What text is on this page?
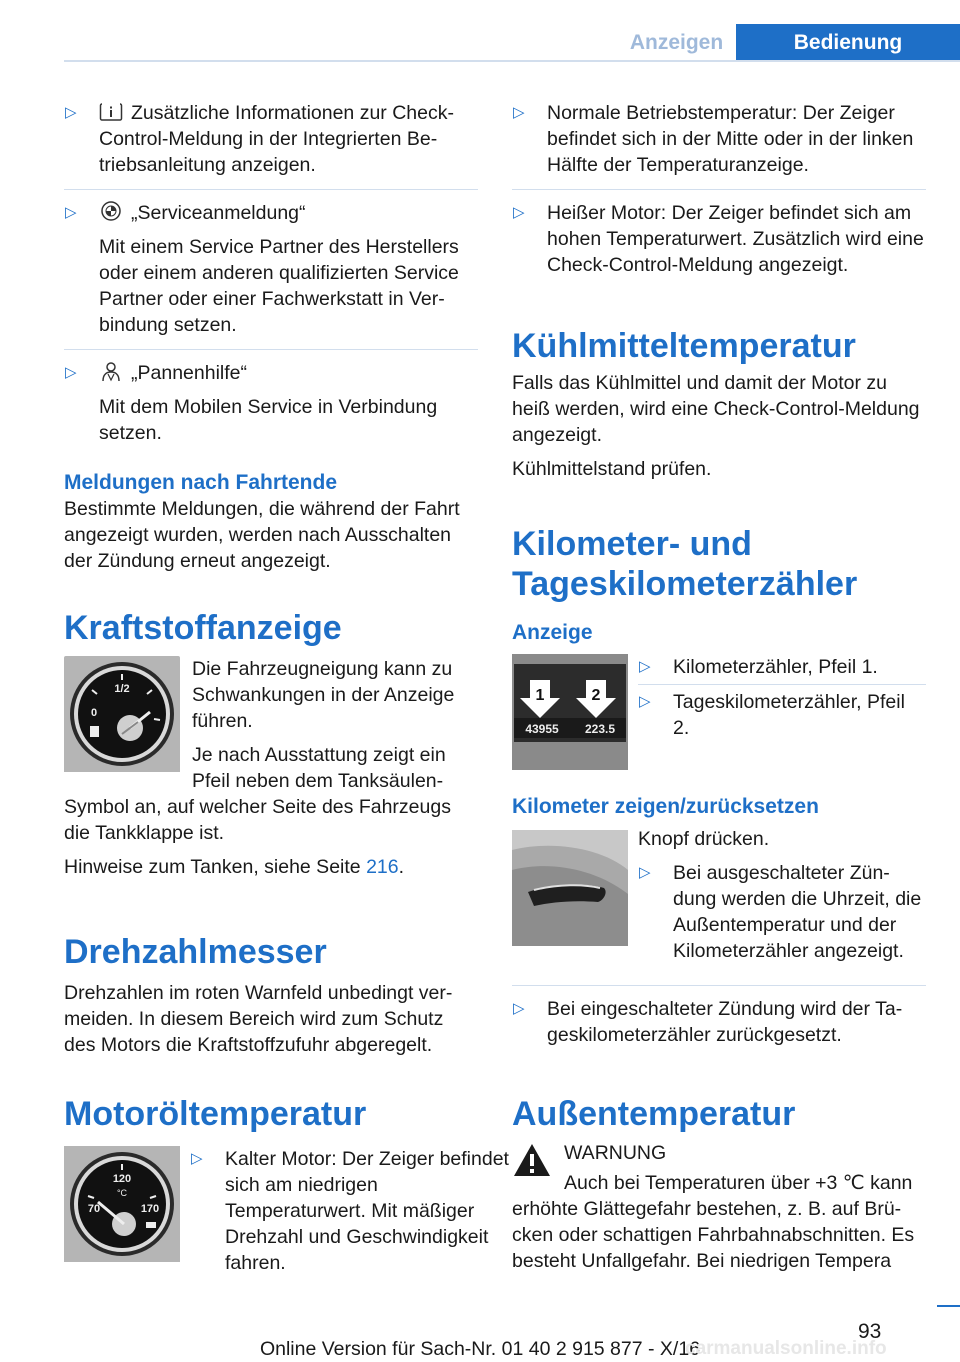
Anzeigen	Bedienung
▷	Zusätzliche Informationen zur Check-Control-Meldung in der Integrierten Betriebsanleitung anzeigen.

▷	„Serviceanmeldung“

Mit einem Service Partner des Herstellers oder einem anderen qualifizierten Service Partner oder einer Fachwerkstatt in Verbindung setzen.

▷	„Pannenhilfe“

Mit dem Mobilen Service in Verbindung setzen.

Meldungen nach Fahrtende

Bestimmte Meldungen, die während der Fahrt angezeigt wurden, werden nach Ausschalten der Zündung erneut angezeigt.

Kraftstoffanzeige
1/2
0

Die Fahrzeugneigung kann zu Schwankungen in der Anzeige führen.

Je nach Ausstattung zeigt ein Pfeil neben dem Tanksäulen-Symbol an, auf welcher Seite des Fahrzeugs die Tankklappe ist.

Hinweise zum Tanken, siehe Seite 216.

Drehzahlmesser

Drehzahlen im roten Warnfeld unbedingt vermeiden. In diesem Bereich wird zum Schutz des Motors die Kraftstoffzufuhr abgeregelt.

Motoröltemperatur
120
°C
70	170
▷ Kalter Motor: Der Zeiger befindet sich am niedrigen Temperaturwert. Mit mäßiger Drehzahl und Geschwindigkeit fahren.

▷ Normale Betriebstemperatur: Der Zeiger befindet sich in der Mitte oder in der linken Hälfte der Temperaturanzeige.

▷ Heißer Motor: Der Zeiger befindet sich am hohen Temperaturwert. Zusätzlich wird eine Check-Control-Meldung angezeigt.

Kühlmitteltemperatur

Falls das Kühlmittel und damit der Motor zu heiß werden, wird eine Check-Control-Meldung angezeigt.

Kühlmittelstand prüfen.

Kilometer- und Tageskilometerzähler
Anzeige
1	2
43955 223.5
▷ Kilometerzähler, Pfeil 1.

▷ Tageskilometerzähler, Pfeil 2.

Kilometer zeigen/zurücksetzen

Knopf drücken.

▷ Bei ausgeschalteter Zündung werden die Uhrzeit, die Außentemperatur und der Kilometerzähler angezeigt.

▷ Bei eingeschalteter Zündung wird der Tageskilometerzähler zurückgesetzt.

Außentemperatur

WARNUNG

Auch bei Temperaturen über +3 ℃ kann erhöhte Glättegefahr bestehen, z. B. auf Brücken oder schattigen Fahrbahnabschnitten. Es besteht Unfallgefahr. Bei niedrigen Tempera

93
Online Version für Sach-Nr. 01 40 2 915 877 - X/16
carmanualsonline.info
